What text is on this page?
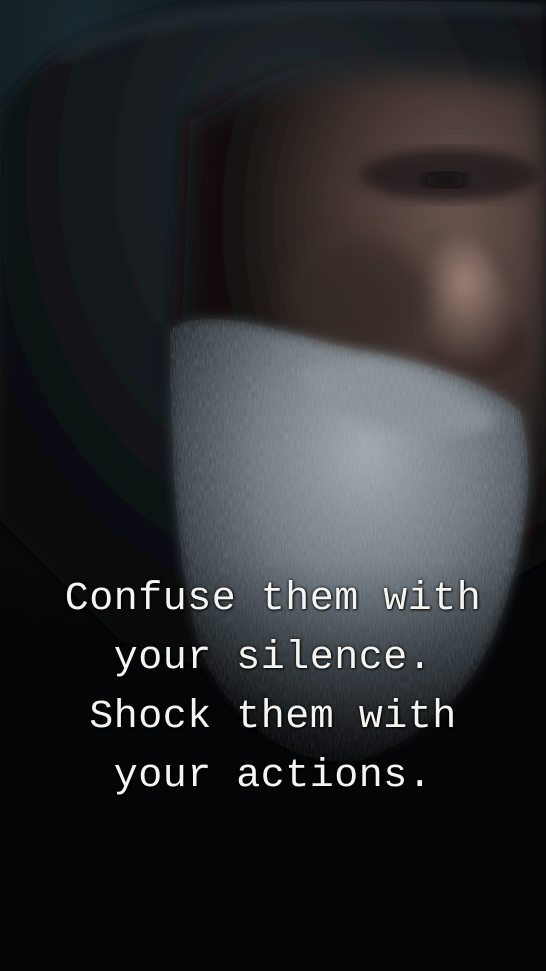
Confuse them with
your silence.
Shock them with
your actions.
